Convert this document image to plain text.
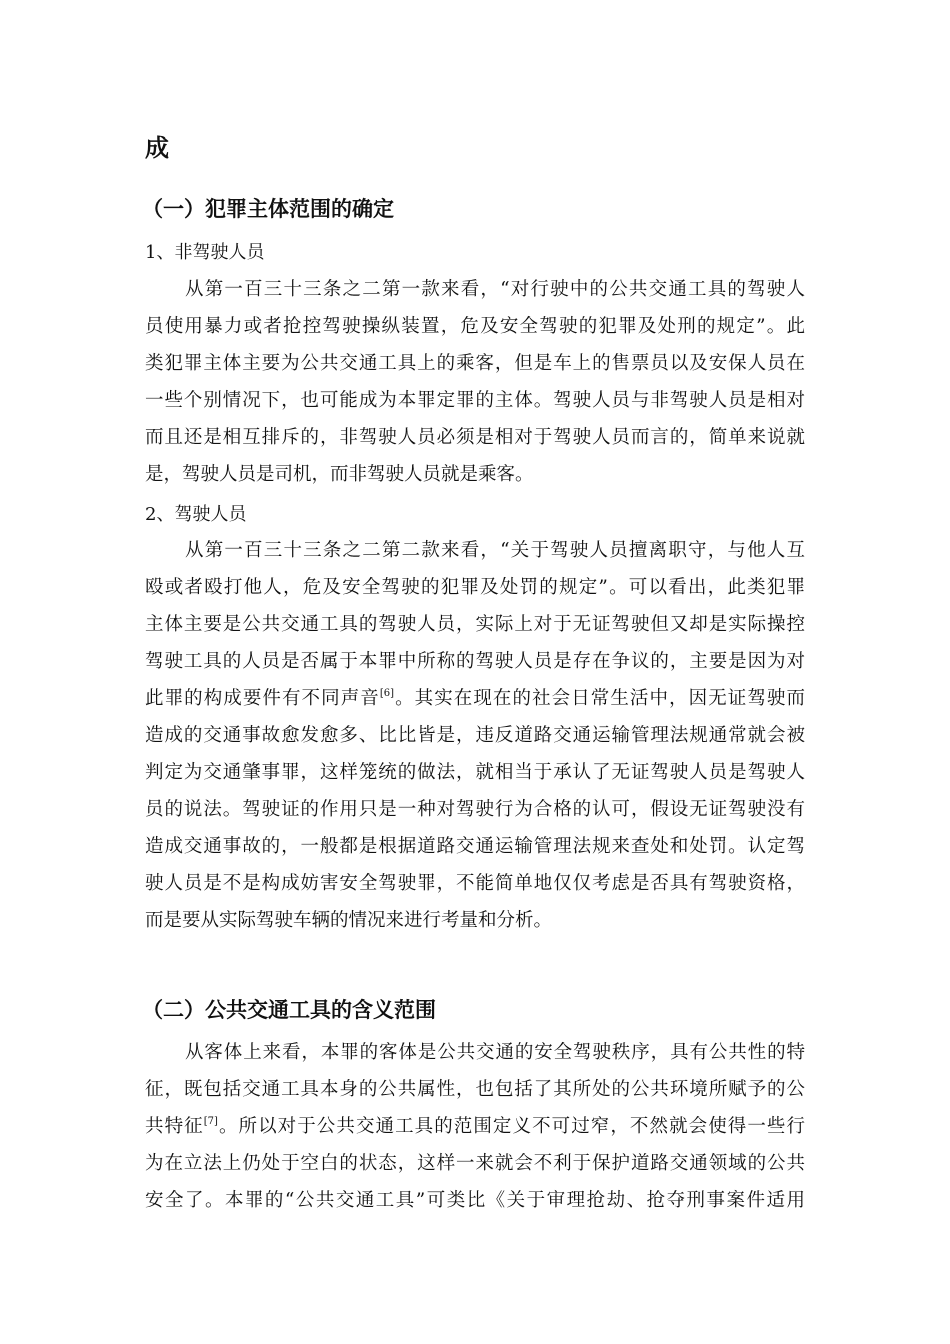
成
（一）犯罪主体范围的确定
1、非驾驶人员
从第一百三十三条之二第一款来看，“对行驶中的公共交通工具的驾驶人
员使用暴力或者抢控驾驶操纵装置，危及安全驾驶的犯罪及处刑的规定”。此
类犯罪主体主要为公共交通工具上的乘客，但是车上的售票员以及安保人员在
一些个别情况下，也可能成为本罪定罪的主体。驾驶人员与非驾驶人员是相对
而且还是相互排斥的，非驾驶人员必须是相对于驾驶人员而言的，简单来说就
是，驾驶人员是司机，而非驾驶人员就是乘客。
2、驾驶人员
从第一百三十三条之二第二款来看，“关于驾驶人员擅离职守，与他人互
殴或者殴打他人，危及安全驾驶的犯罪及处罚的规定”。可以看出，此类犯罪
主体主要是公共交通工具的驾驶人员，实际上对于无证驾驶但又却是实际操控
驾驶工具的人员是否属于本罪中所称的驾驶人员是存在争议的，主要是因为对
此罪的构成要件有不同声音[6]。其实在现在的社会日常生活中，因无证驾驶而
造成的交通事故愈发愈多、比比皆是，违反道路交通运输管理法规通常就会被
判定为交通肇事罪，这样笼统的做法，就相当于承认了无证驾驶人员是驾驶人
员的说法。驾驶证的作用只是一种对驾驶行为合格的认可，假设无证驾驶没有
造成交通事故的，一般都是根据道路交通运输管理法规来查处和处罚。认定驾
驶人员是不是构成妨害安全驾驶罪，不能简单地仅仅考虑是否具有驾驶资格，
而是要从实际驾驶车辆的情况来进行考量和分析。
（二）公共交通工具的含义范围
从客体上来看，本罪的客体是公共交通的安全驾驶秩序，具有公共性的特
征，既包括交通工具本身的公共属性，也包括了其所处的公共环境所赋予的公
共特征[7]。所以对于公共交通工具的范围定义不可过窄，不然就会使得一些行
为在立法上仍处于空白的状态，这样一来就会不利于保护道路交通领域的公共
安全了。本罪的“公共交通工具”可类比《关于审理抢劫、抢夺刑事案件适用
